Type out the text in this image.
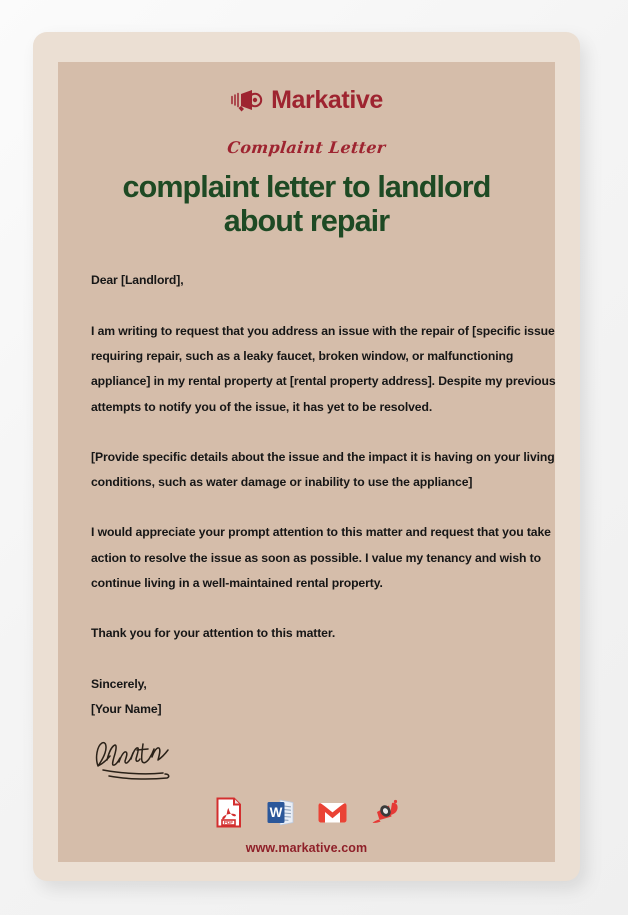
Markative
Complaint Letter
complaint letter to landlord about repair

Dear [Landlord],

I am writing to request that you address an issue with the repair of [specific issue requiring repair, such as a leaky faucet, broken window, or malfunctioning appliance] in my rental property at [rental property address]. Despite my previous attempts to notify you of the issue, it has yet to be resolved.

[Provide specific details about the issue and the impact it is having on your living conditions, such as water damage or inability to use the appliance]

I would appreciate your prompt attention to this matter and request that you take action to resolve the issue as soon as possible. I value my tenancy and wish to continue living in a well-maintained rental property.

Thank you for your attention to this matter.

Sincerely,

[Your Name]

PDF
W
www.markative.com
